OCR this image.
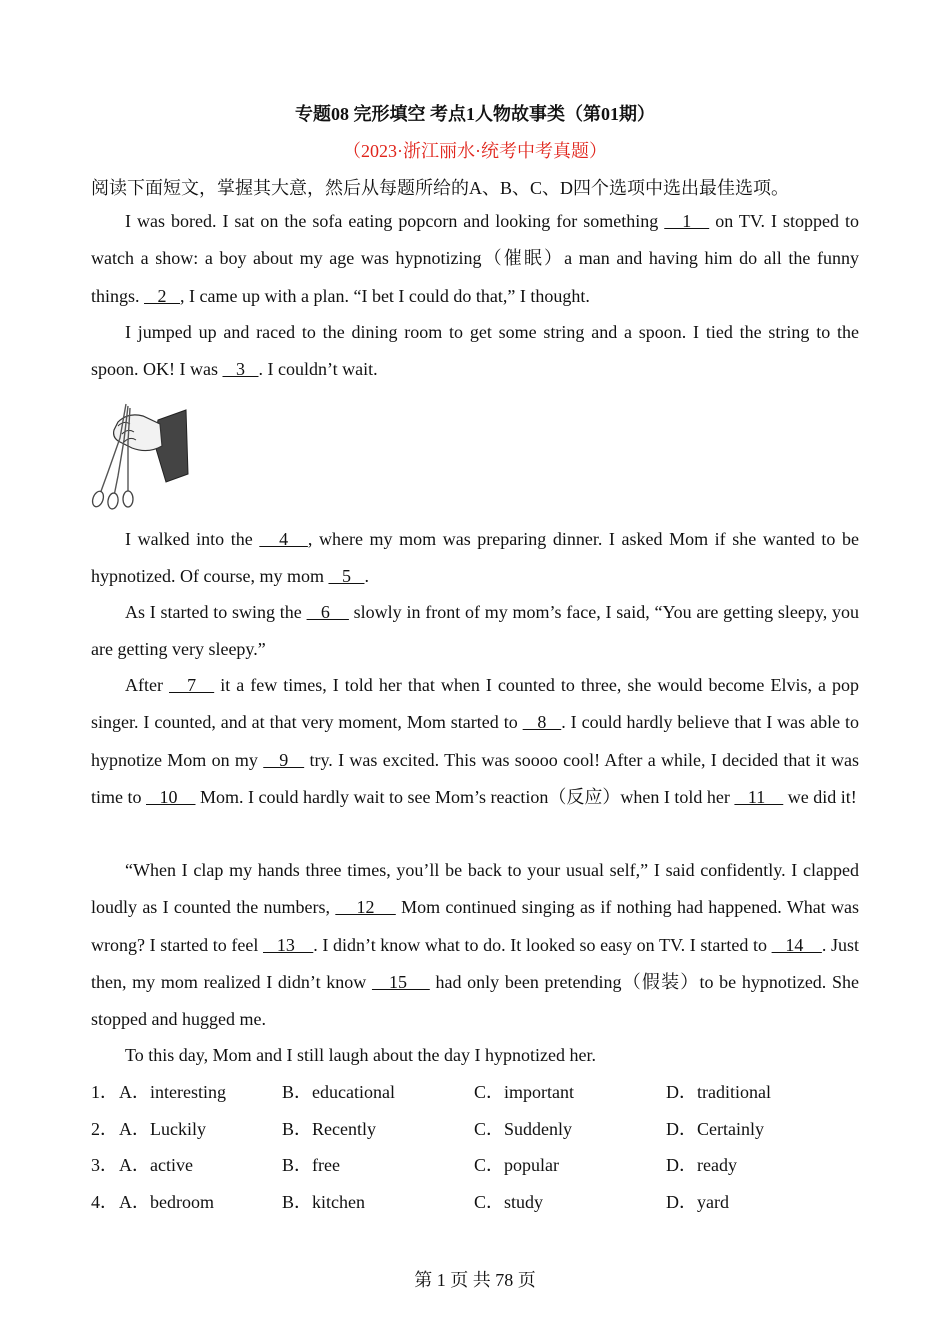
专题08 完形填空 考点1人物故事类（第01期）
（2023·浙江丽水·统考中考真题）
阅读下面短文，掌握其大意，然后从每题所给的A、B、C、D四个选项中选出最佳选项。

I was bored. I sat on the sofa eating popcorn and looking for something    1    on TV. I stopped to watch a show: a boy about my age was hypnotizing（催眠）a man and having him do all the funny things.    2   , I came up with a plan. “I bet I could do that,” I thought.

I jumped up and raced to the dining room to get some string and a spoon. I tied the string to the spoon. OK! I was    3   . I couldn’t wait.

I walked into the    4   , where my mom was preparing dinner. I asked Mom if she wanted to be hypnotized. Of course, my mom    5   .

As I started to swing the    6     slowly in front of my mom’s face, I said, “You are getting sleepy, you are getting very sleepy.”

After    7    it a few times, I told her that when I counted to three, she would become Elvis, a pop singer. I counted, and at that very moment, Mom started to    8   . I could hardly believe that I was able to hypnotize Mom on my    9    try. I was excited. This was soooo cool! After a while, I decided that it was time to    10     Mom. I could hardly wait to see Mom’s reaction（反应）when I told her    11     we did it!

“When I clap my hands three times, you’ll be back to your usual self,” I said confidently. I clapped loudly as I counted the numbers,     12     Mom continued singing as if nothing had happened. What was wrong? I started to feel    13    . I didn’t know what to do. It looked so easy on TV. I started to    14    . Just then, my mom realized I didn’t know    15     had only been pretending（假装）to be hypnotized. She stopped and hugged me.

To this day, Mom and I still laugh about the day I hypnotized her.

1． A．interesting	B．educational	C．important	D．traditional
2． A．Luckily	B．Recently	C．Suddenly	D．Certainly
3． A．active	B．free	C．popular	D．ready
4． A．bedroom	B．kitchen	C．study	D．yard
第 1 页 共 78 页
